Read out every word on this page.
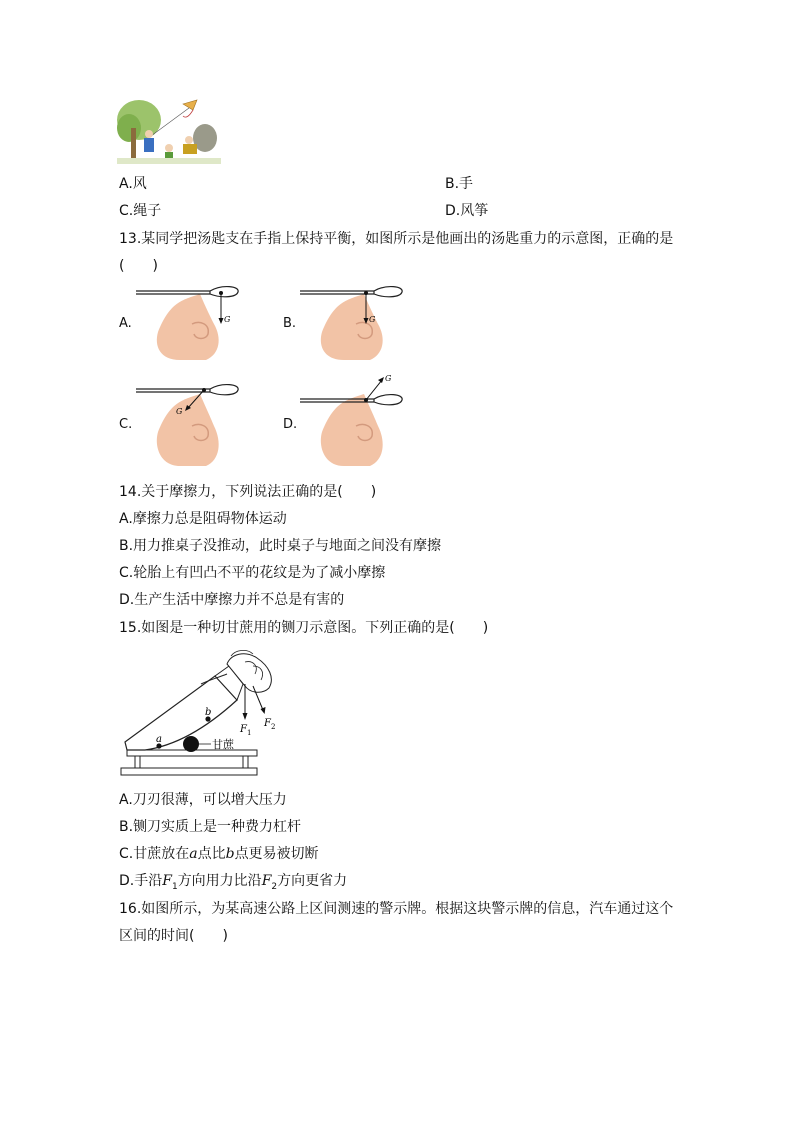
A.风	B.手
C.绳子	D.风筝
13.某同学把汤匙支在手指上保持平衡，如图所示是他画出的汤匙重力的示意图，正确的是
(　　)
A.	G	B.	G
C.
G
D.
G
14.关于摩擦力，下列说法正确的是(　　)
A.摩擦力总是阻碍物体运动
B.用力推桌子没推动，此时桌子与地面之间没有摩擦
C.轮胎上有凹凸不平的花纹是为了减小摩擦
D.生产生活中摩擦力并不总是有害的
15.如图是一种切甘蔗用的铡刀示意图。下列正确的是(　　)
a
b
甘蔗
F 1
F 2
A.刀刃很薄，可以增大压力
B.铡刀实质上是一种费力杠杆
C.甘蔗放在a点比b点更易被切断
D.手沿$F_1$方向用力比沿$F_2$方向更省力
16.如图所示，为某高速公路上区间测速的警示牌。根据这块警示牌的信息，汽车通过这个
区间的时间(　　)
